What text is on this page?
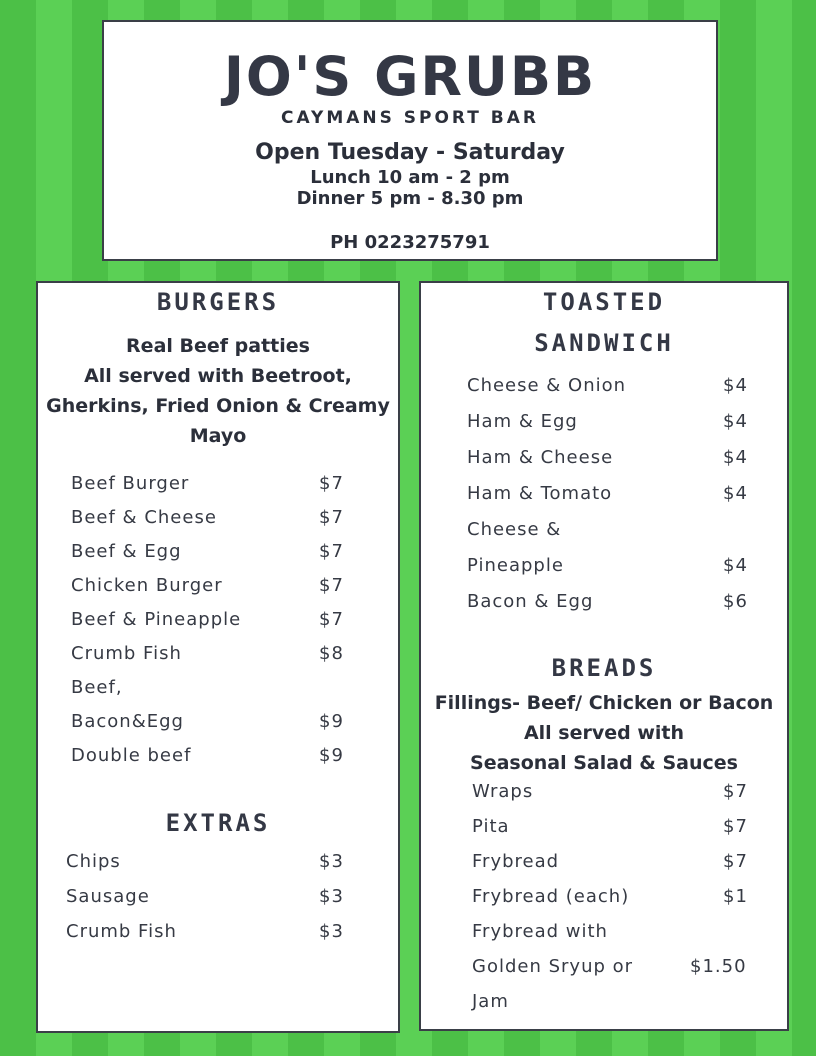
JO'S GRUBB
CAYMANS SPORT BAR
Open Tuesday - Saturday
Lunch 10 am - 2 pm
Dinner 5 pm - 8.30 pm
PH 0223275791
BURGERS
Real Beef patties
All served with Beetroot,
Gherkins, Fried Onion & Creamy
Mayo
Beef Burger	$7
Beef & Cheese	$7
Beef & Egg	$7
Chicken Burger	$7
Beef & Pineapple	$7
Crumb Fish	$8
Beef,
Bacon&Egg	$9
Double beef	$9
EXTRAS
Chips	$3
Sausage	$3
Crumb Fish	$3
TOASTED
SANDWICH
Cheese & Onion	$4
Ham & Egg	$4
Ham & Cheese	$4
Ham & Tomato	$4
Cheese &
Pineapple	$4
Bacon & Egg	$6
BREADS
Fillings- Beef/ Chicken or Bacon
All served with
Seasonal Salad & Sauces
Wraps	$7
Pita	$7
Frybread	$7
Frybread (each)	$1
Frybread with
Golden Sryup or	$1.50
Jam
